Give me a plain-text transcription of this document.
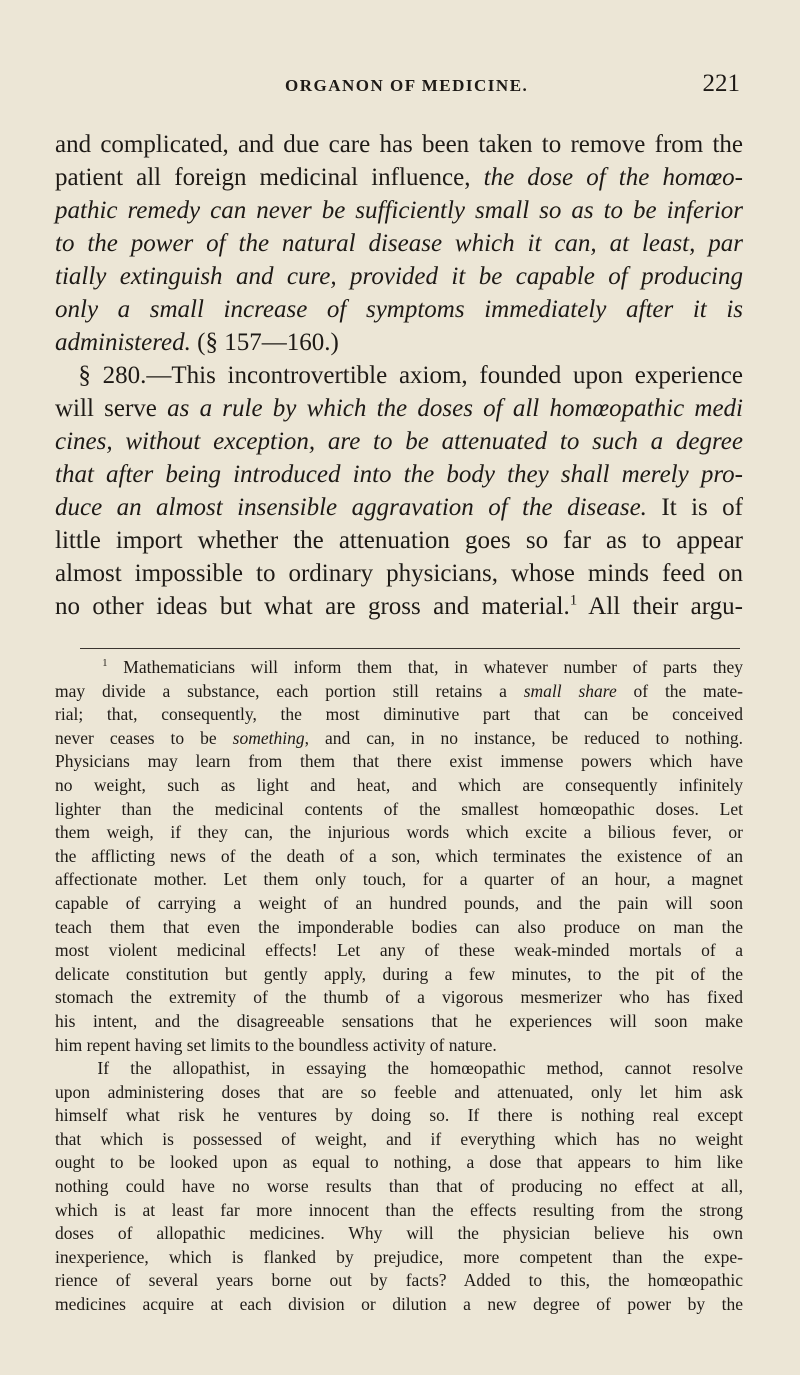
ORGANON OF MEDICINE.	221
and complicated, and due care has been taken to remove from the
patient all foreign medicinal influence, the dose of the homœo-
pathic remedy can never be sufficiently small so as to be inferior
to the power of the natural disease which it can, at least, par
tially extinguish and cure, provided it be capable of producing
only a small increase of symptoms immediately after it is
administered. (§ 157—160.)
§ 280.—This incontrovertible axiom, founded upon experience
will serve as a rule by which the doses of all homœopathic medi
cines, without exception, are to be attenuated to such a degree
that after being introduced into the body they shall merely pro-
duce an almost insensible aggravation of the disease. It is of
little import whether the attenuation goes so far as to appear
almost impossible to ordinary physicians, whose minds feed on
no other ideas but what are gross and material.$^1$ All their argu-
$^1$ Mathematicians will inform them that, in whatever number of parts they
may divide a substance, each portion still retains a small share of the mate-
rial; that, consequently, the most diminutive part that can be conceived
never ceases to be something, and can, in no instance, be reduced to nothing.
Physicians may learn from them that there exist immense powers which have
no weight, such as light and heat, and which are consequently infinitely
lighter than the medicinal contents of the smallest homœopathic doses. Let
them weigh, if they can, the injurious words which excite a bilious fever, or
the afflicting news of the death of a son, which terminates the existence of an
affectionate mother. Let them only touch, for a quarter of an hour, a magnet
capable of carrying a weight of an hundred pounds, and the pain will soon
teach them that even the imponderable bodies can also produce on man the
most violent medicinal effects! Let any of these weak-minded mortals of a
delicate constitution but gently apply, during a few minutes, to the pit of the
stomach the extremity of the thumb of a vigorous mesmerizer who has fixed
his intent, and the disagreeable sensations that he experiences will soon make
him repent having set limits to the boundless activity of nature.
If the allopathist, in essaying the homœopathic method, cannot resolve
upon administering doses that are so feeble and attenuated, only let him ask
himself what risk he ventures by doing so. If there is nothing real except
that which is possessed of weight, and if everything which has no weight
ought to be looked upon as equal to nothing, a dose that appears to him like
nothing could have no worse results than that of producing no effect at all,
which is at least far more innocent than the effects resulting from the strong
doses of allopathic medicines. Why will the physician believe his own
inexperience, which is flanked by prejudice, more competent than the expe-
rience of several years borne out by facts? Added to this, the homœopathic
medicines acquire at each division or dilution a new degree of power by the
